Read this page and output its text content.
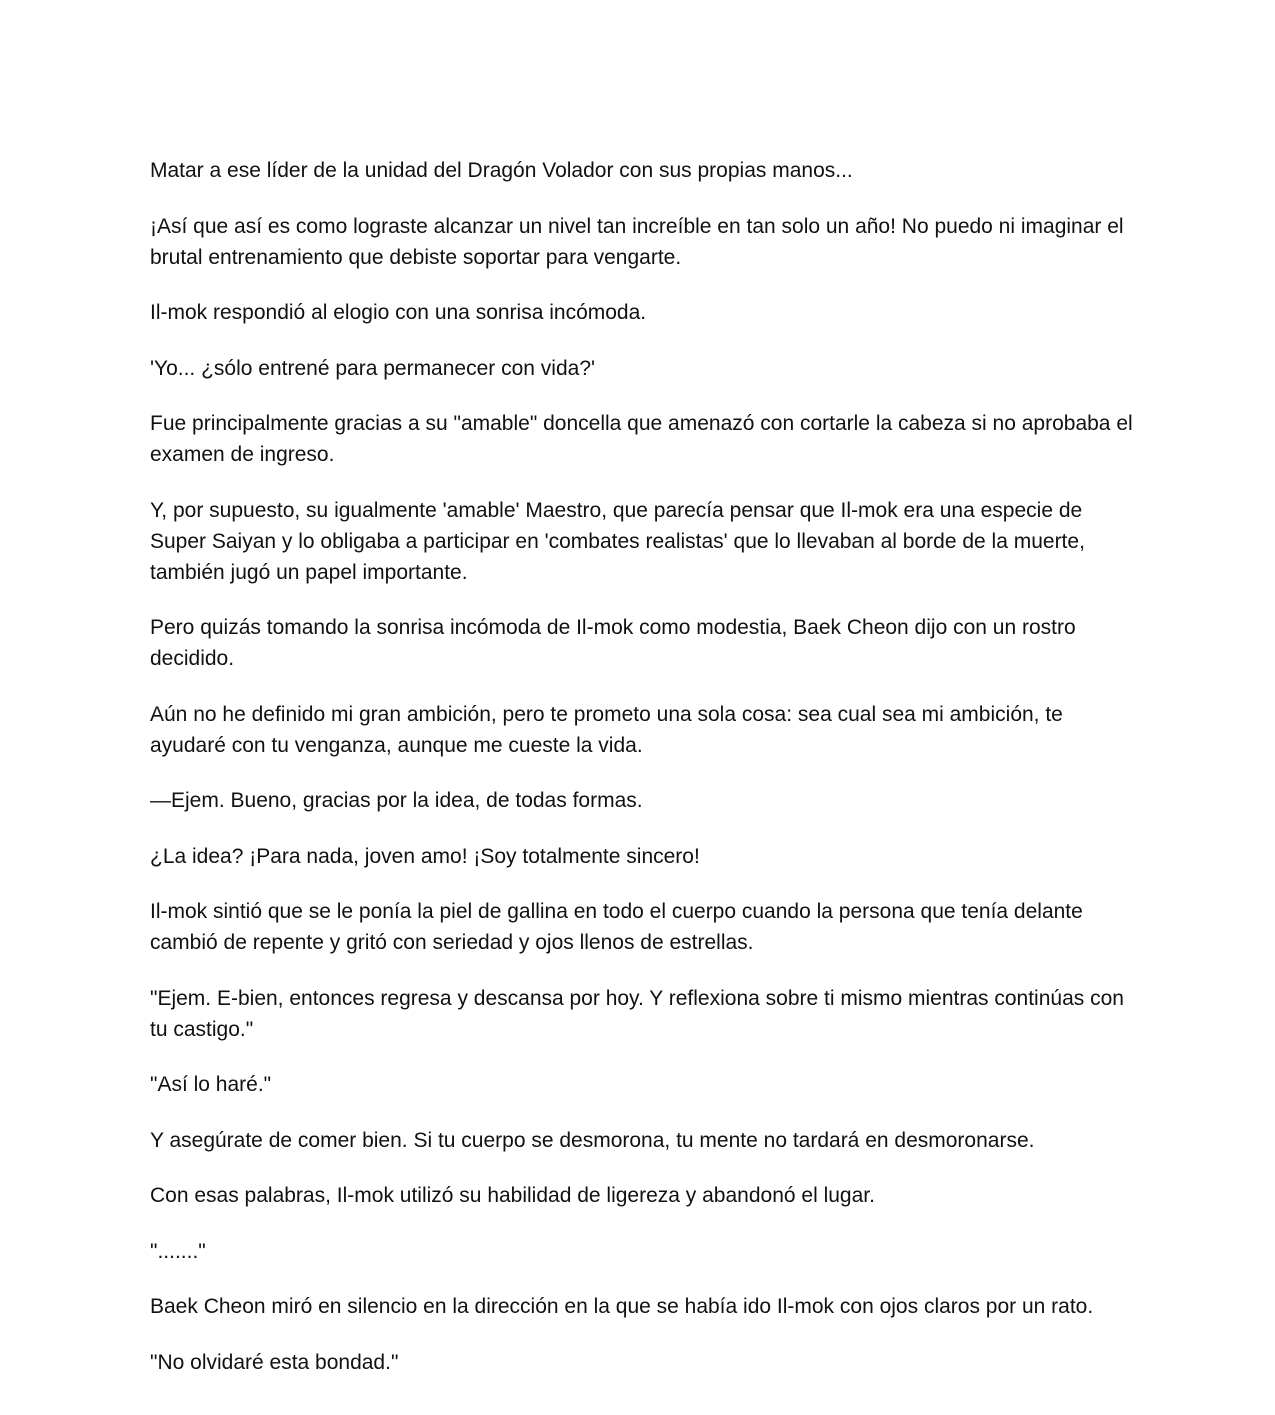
Matar a ese líder de la unidad del Dragón Volador con sus propias manos...

¡Así que así es como lograste alcanzar un nivel tan increíble en tan solo un año! No puedo ni imaginar el brutal entrenamiento que debiste soportar para vengarte.

Il-mok respondió al elogio con una sonrisa incómoda.

'Yo... ¿sólo entrené para permanecer con vida?'

Fue principalmente gracias a su "amable" doncella que amenazó con cortarle la cabeza si no aprobaba el examen de ingreso.

Y, por supuesto, su igualmente 'amable' Maestro, que parecía pensar que Il-mok era una especie de Super Saiyan y lo obligaba a participar en 'combates realistas' que lo llevaban al borde de la muerte, también jugó un papel importante.

Pero quizás tomando la sonrisa incómoda de Il-mok como modestia, Baek Cheon dijo con un rostro decidido.

Aún no he definido mi gran ambición, pero te prometo una sola cosa: sea cual sea mi ambición, te ayudaré con tu venganza, aunque me cueste la vida.

—Ejem. Bueno, gracias por la idea, de todas formas.

¿La idea? ¡Para nada, joven amo! ¡Soy totalmente sincero!

Il-mok sintió que se le ponía la piel de gallina en todo el cuerpo cuando la persona que tenía delante cambió de repente y gritó con seriedad y ojos llenos de estrellas.

"Ejem. E-bien, entonces regresa y descansa por hoy. Y reflexiona sobre ti mismo mientras continúas con tu castigo."

"Así lo haré."

Y asegúrate de comer bien. Si tu cuerpo se desmorona, tu mente no tardará en desmoronarse.

Con esas palabras, Il-mok utilizó su habilidad de ligereza y abandonó el lugar.

"......."

Baek Cheon miró en silencio en la dirección en la que se había ido Il-mok con ojos claros por un rato.

"No olvidaré esta bondad."
